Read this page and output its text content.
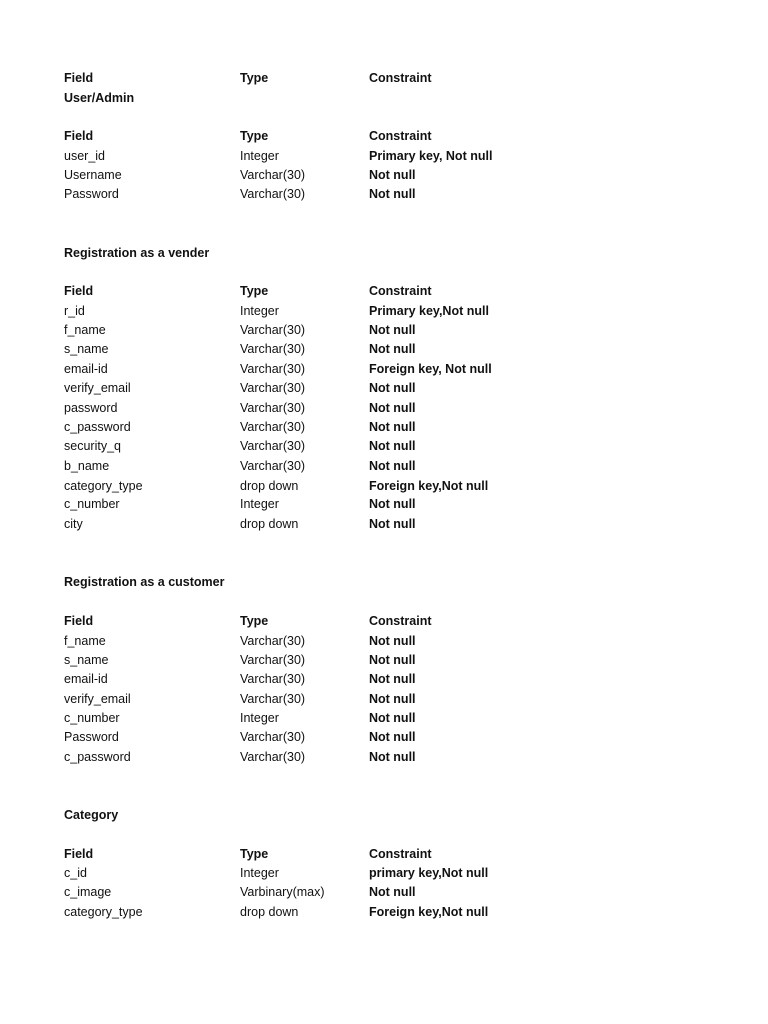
Field	Type	Constraint
User/Admin
Field	Type	Constraint
user_id	Integer	Primary key, Not null
Username	Varchar(30)	Not null
Password	Varchar(30)	Not null
Registration as a vender
Field	Type	Constraint
r_id	Integer	Primary key,Not null
f_name	Varchar(30)	Not null
s_name	Varchar(30)	Not null
email-id	Varchar(30)	Foreign key, Not null
verify_email	Varchar(30)	Not null
password	Varchar(30)	Not null
c_password	Varchar(30)	Not null
security_q	Varchar(30)	Not null
b_name	Varchar(30)	Not null
category_type	drop down	Foreign key,Not null
c_number	Integer	Not null
city	drop down	Not null
Registration as a customer
Field	Type	Constraint
f_name	Varchar(30)	Not null
s_name	Varchar(30)	Not null
email-id	Varchar(30)	Not null
verify_email	Varchar(30)	Not null
c_number	Integer	Not null
Password	Varchar(30)	Not null
c_password	Varchar(30)	Not null
Category
Field	Type	Constraint
c_id	Integer	primary key,Not null
c_image	Varbinary(max)	Not null
category_type	drop down	Foreign key,Not null
